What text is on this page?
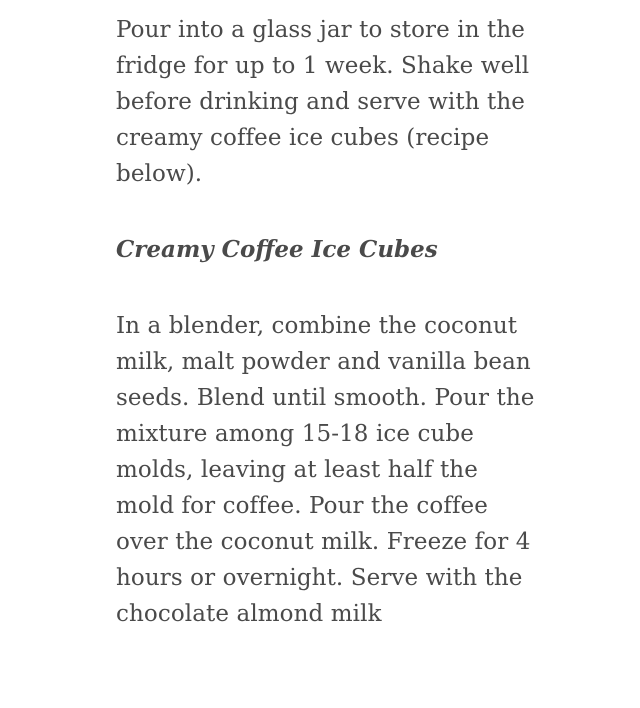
Pour into a glass jar to store in the
fridge for up to 1 week. Shake well
before drinking and serve with the
creamy coffee ice cubes (recipe
below).

Creamy Coffee Ice Cubes

In a blender, combine the coconut
milk, malt powder and vanilla bean
seeds. Blend until smooth. Pour the
mixture among 15-18 ice cube
molds, leaving at least half the
mold for coffee. Pour the coffee
over the coconut milk. Freeze for 4
hours or overnight. Serve with the
chocolate almond milk
